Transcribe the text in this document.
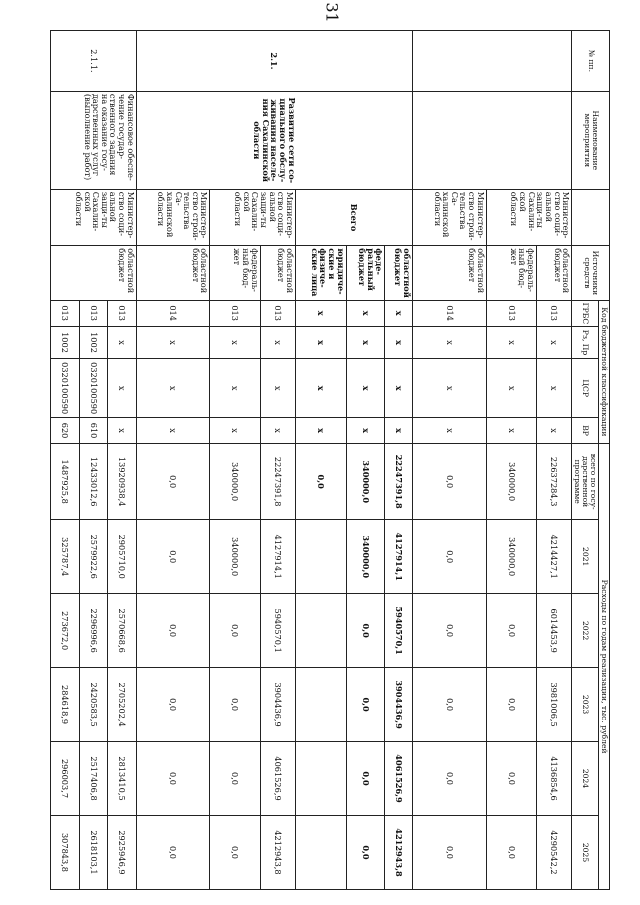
31
№ пп.	Наименование мероприятия		Источники средств	Код бюджетной классификации				Расходы по годам реализации, тыс. рублей					
				ГРБС	Рз, Пр	ЦСР	ВР	всего по госу-дарственной программе	2021	2022	2023	2024	2025
		Министер-ство соци-альной защи-ты Сахалин-ской области	областной бюджет	013	х	х	х	22637284,3	4214427,1	6014453,9	3981006,5	4136854,6	4290542,2
			федераль-ный бюд-жет	013	х	х	х	340000,0	340000,0	0,0	0,0	0,0	0,0
		Министер-ство строи-тельства Са-халинской области	областной бюджет	014	х	х	х	0,0	0,0	0,0	0,0	0,0	0,0
2.1.	Развитие сети со-циального обслу-живания населе-ния Сахалинской области	Всего	областной бюджет	х	х	х	х	22247391,8	4127914,1	5940570,1	3904436,9	4061526,9	4212943,8
			феде-ральный бюджет	х	х	х	х	340000,0	340000,0	0,0	0,0	0,0	0,0
			юридиче-ские и физиче-ские лица	х	х	х	х	0,0					
		Министер-ство соци-альной защи-ты Сахалин-ской области	областной бюджет	013	х	х	х	22247391,8	4127914,1	5940570,1	3904436,9	4061526,9	4212943,8
			федераль-ный бюд-жет	013	х	х	х	340000,0	340000,0	0,0	0,0	0,0	0,0
		Министер-ство строи-тельства Са-халинской области	областной бюджет	014	х	х	х	0,0	0,0	0,0	0,0	0,0	0,0
2.1.1.	Финансовое обеспе-чение государ-ственного задания на оказание госу-дарственных услуг (выполнение работ)	Министер-ство соци-альной защи-ты Сахалин-ской области	областной бюджет	013	х	х	х	13920938,4	2905710,0	2570668,6	2705202,4	2813410,5	2925946,9
				013	1002	0320100590	610	12433012,6	2579922,6	2296996,6	2420583,5	2517406,8	2618103,1
				013	1002	0320100590	620	1487925,8	325787,4	273672,0	284618,9	296003,7	307843,8
